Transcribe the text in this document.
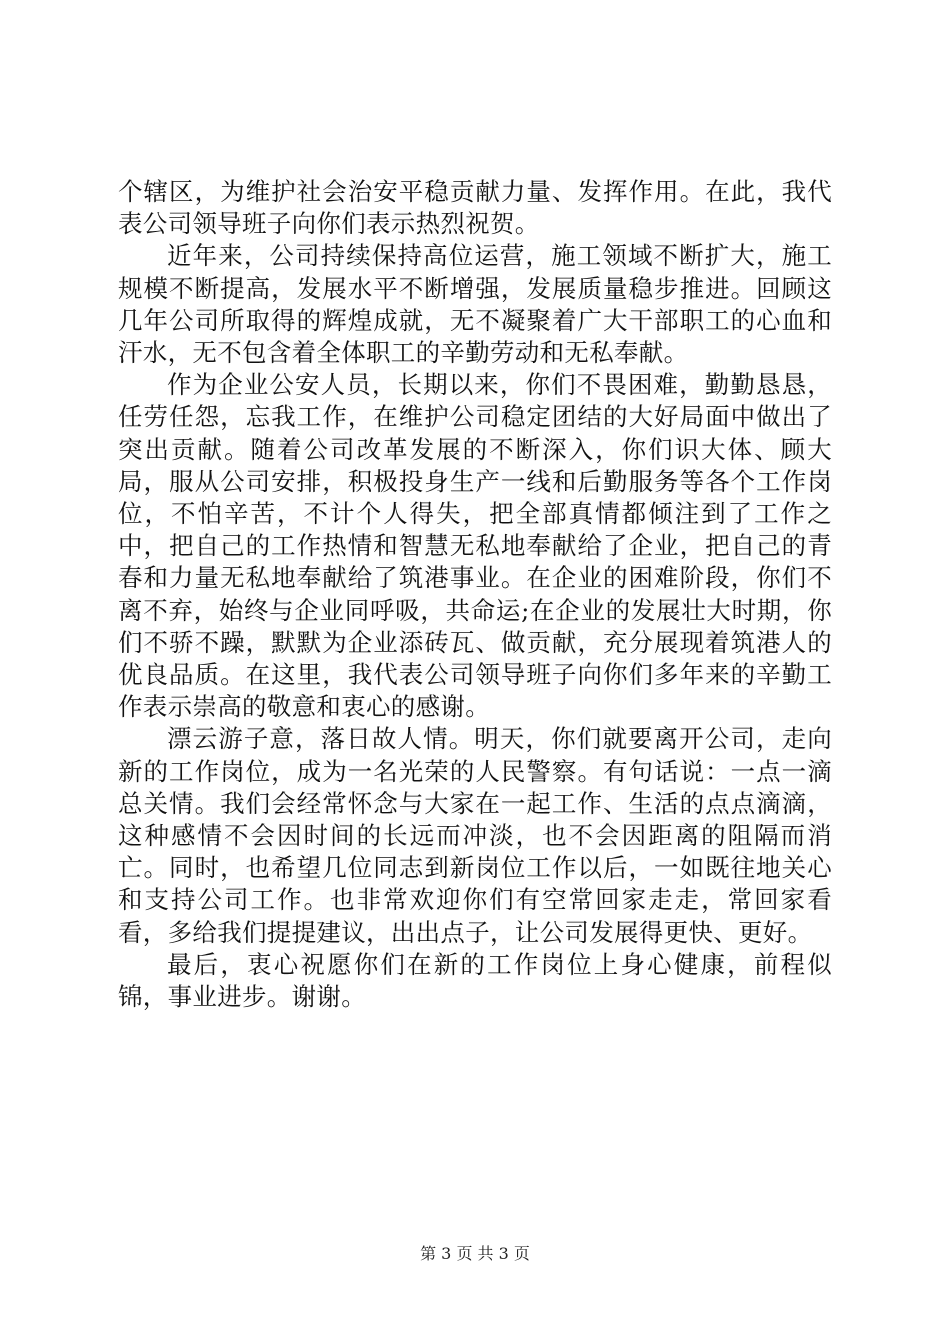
个辖区，为维护社会治安平稳贡献力量、发挥作用。在此，我代表公司领导班子向你们表示热烈祝贺。

近年来，公司持续保持高位运营，施工领域不断扩大，施工规模不断提高，发展水平不断增强，发展质量稳步推进。回顾这几年公司所取得的辉煌成就，无不凝聚着广大干部职工的心血和汗水，无不包含着全体职工的辛勤劳动和无私奉献。

作为企业公安人员，长期以来，你们不畏困难，勤勤恳恳，任劳任怨，忘我工作，在维护公司稳定团结的大好局面中做出了突出贡献。随着公司改革发展的不断深入，你们识大体、顾大局，服从公司安排，积极投身生产一线和后勤服务等各个工作岗位，不怕辛苦，不计个人得失，把全部真情都倾注到了工作之中，把自己的工作热情和智慧无私地奉献给了企业，把自己的青春和力量无私地奉献给了筑港事业。在企业的困难阶段，你们不离不弃，始终与企业同呼吸，共命运;在企业的发展壮大时期，你们不骄不躁，默默为企业添砖瓦、做贡献，充分展现着筑港人的优良品质。在这里，我代表公司领导班子向你们多年来的辛勤工作表示崇高的敬意和衷心的感谢。

漂云游子意，落日故人情。明天，你们就要离开公司，走向新的工作岗位，成为一名光荣的人民警察。有句话说：一点一滴总关情。我们会经常怀念与大家在一起工作、生活的点点滴滴，这种感情不会因时间的长远而冲淡，也不会因距离的阻隔而消亡。同时，也希望几位同志到新岗位工作以后，一如既往地关心和支持公司工作。也非常欢迎你们有空常回家走走，常回家看看，多给我们提提建议，出出点子，让公司发展得更快、更好。

最后，衷心祝愿你们在新的工作岗位上身心健康，前程似锦，事业进步。谢谢。

第 3 页 共 3 页
